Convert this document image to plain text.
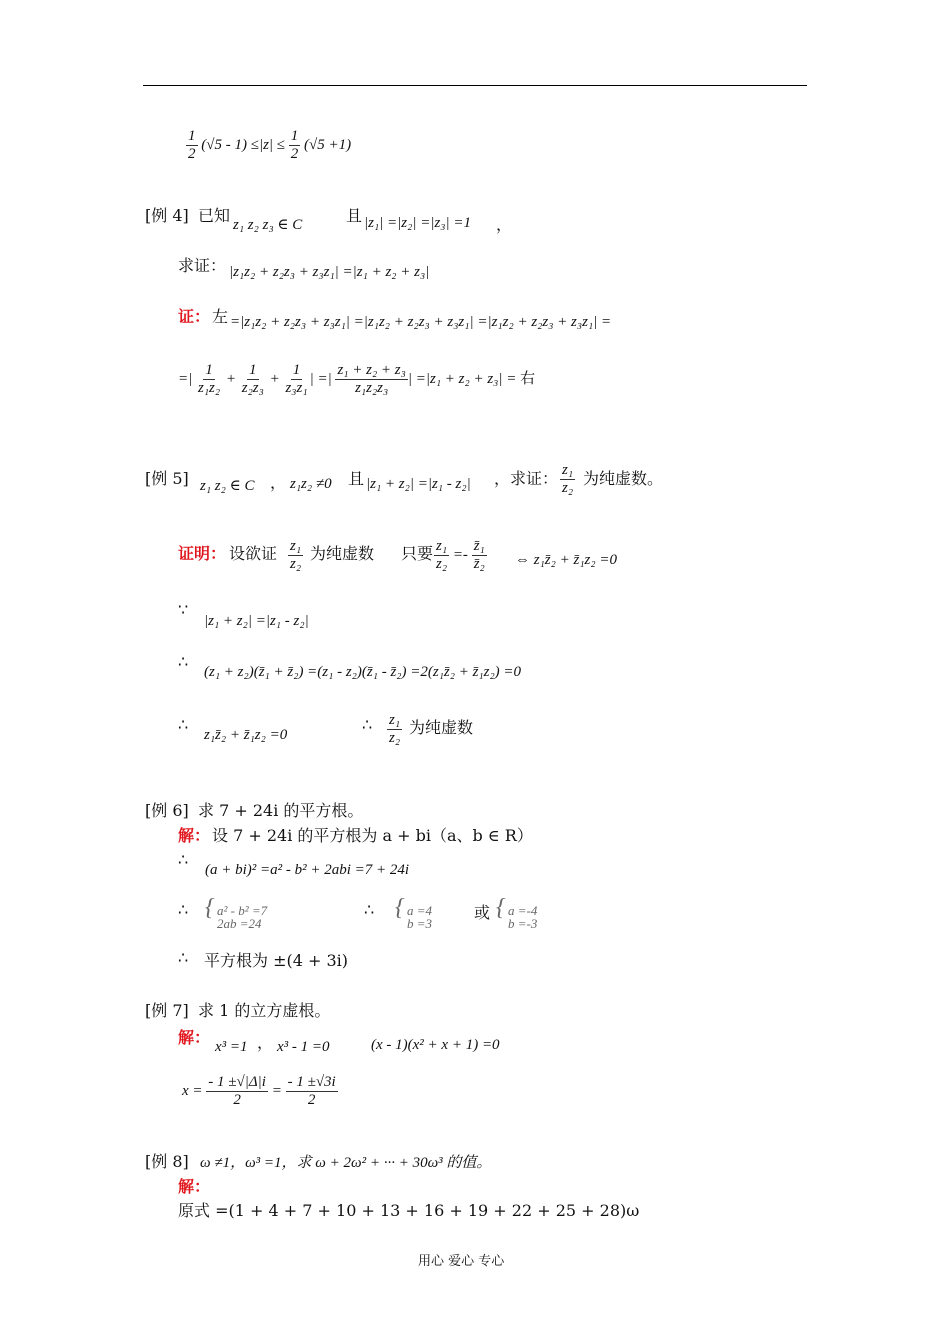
$\frac{1}{2} (√5 - 1) \le|z| \le \frac{1}{2} (√5 +1)$
[例 4] 已知 z₁ z₂ z₃ ∈ C	且 |z₁| =|z₂| =|z₃| =1 ，
求证： |z₁z₂ + z₂z₃ + z₃z₁| =|z₁ + z₂ + z₃|
证： 左 =|z₁z₂ + z₂z₃ + z₃z₁| =|z₁z₂ + z₂z₃ + z₃z₁| =|z₁z₂ + z₂z₃ + z₃z₁| =
=| $\frac{1}{\text{z₁z₂}} + \frac{1}{\text{z₂z₃}} + \frac{1}{\text{z₃z₁}}$ | =| $\frac{\text{z₁ + z₂ + z₃}}{\text{z₁z₂z₃}}$ | =|z₁ + z₂ + z₃| = 右
[例 5] z₁ z₂ ∈ C ， z₁z₂ ≠0 且 |z₁ + z₂| =|z₁ - z₂| ，求证： $\frac{\text{z₁}}{\text{z₂}}$ 为纯虚数。
证明： 设欲证 $\frac{\text{z₁}}{\text{z₂}}$ 为纯虚数 只要 $\frac{\text{z₁}}{\text{z₂}} =- \frac{\text{z̄₁}}{\text{z̄₂}}$ ⇔ z₁z̄₂ + z̄₁z₂ =0
∵
|z₁ + z₂| =|z₁ - z₂|
∴
(z₁ + z₂)(z̄₁ + z̄₂) =(z₁ - z₂)(z̄₁ - z̄₂) =2(z₁z̄₂ + z̄₁z₂) =0
∴
z₁z̄₂ + z̄₁z₂ =0
∴ $\frac{\text{z₁}}{\text{z₂}}$ 为纯虚数
[例 6] 求 7 + 24i 的平方根。
解： 设 7 + 24i 的平方根为 a + bi（a、b ∈ R）
∴
(a + bi)² =a² - b² + 2abi =7 + 24i
∴ { a² - b² =7
2ab =24
∴ { a =4
b =3
或 { a =-4
b =-3
∴ 平方根为 ±(4 + 3i)
[例 7] 求 1 的立方虚根。
解： x³ =1 ， x³ - 1 =0	(x - 1)(x² + x + 1) =0
$x = \frac{- 1 \pm√|\Delta|i}{2} = \frac{- 1 \pm√3i}{2}$
[例 8] ω ≠1，ω³ =1，求 ω + 2ω² + ··· + 30ω³ 的值。
解：
原式 =(1 + 4 + 7 + 10 + 13 + 16 + 19 + 22 + 25 + 28)ω
用心 爱心 专心
